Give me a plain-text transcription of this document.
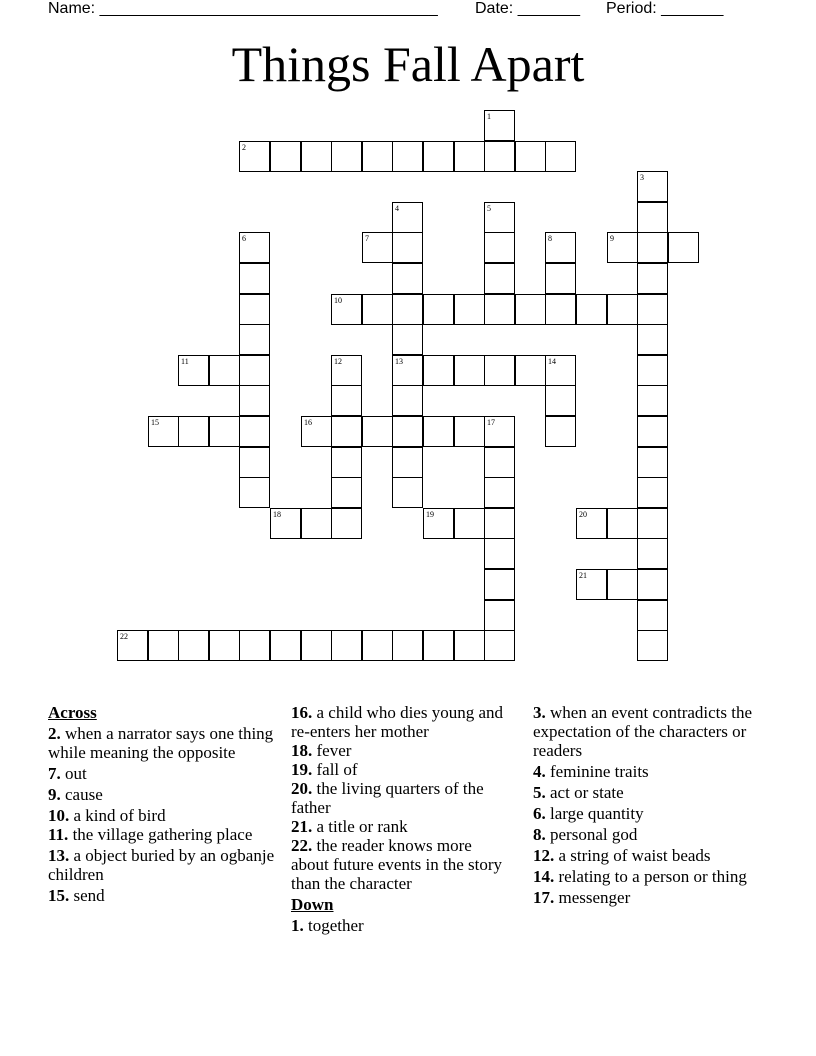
Name: ______________________________________ Date: _______ Period: _______
Things Fall Apart
1
2
3
4
13
5
6	7	8	9
10
11	12	14
15	16	17
18	19	20
21
22
Across
2. when a narrator says one thing while meaning the opposite
7. out
9. cause
10. a kind of bird
11. the village gathering place
13. a object buried by an ogbanje children
15. send
16. a child who dies young and re-enters her mother
18. fever
19. fall of
20. the living quarters of the father
21. a title or rank
22. the reader knows more about future events in the story than the character
Down
1. together
3. when an event contradicts the expectation of the characters or readers
4. feminine traits
5. act or state
6. large quantity
8. personal god
12. a string of waist beads
14. relating to a person or thing
17. messenger
